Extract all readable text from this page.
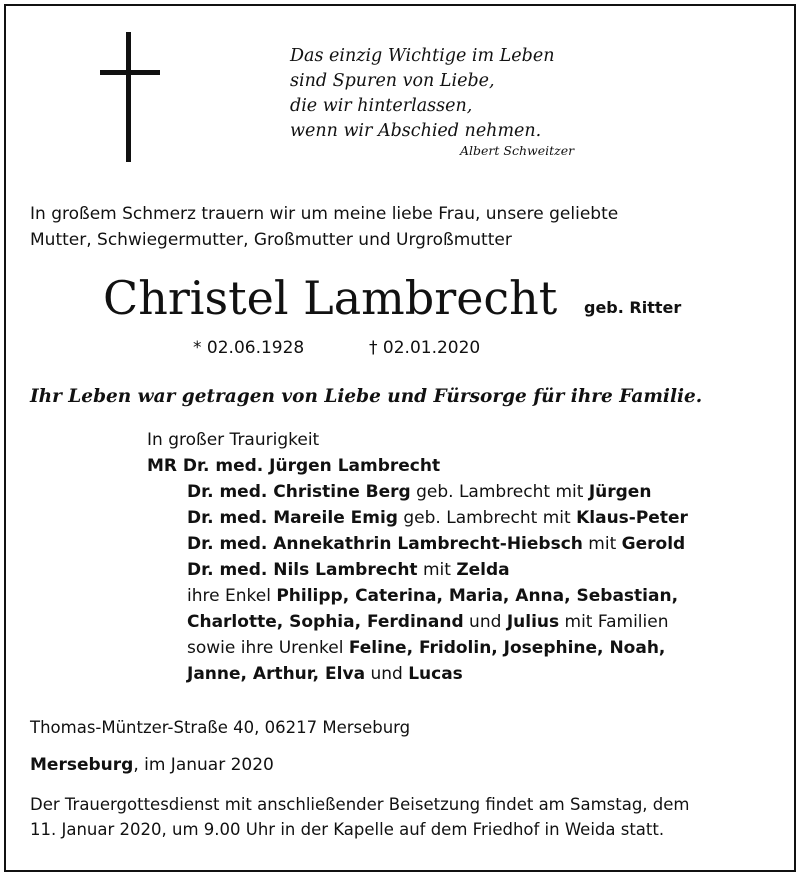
Das einzig Wichtige im Leben
sind Spuren von Liebe,
die wir hinterlassen,
wenn wir Abschied nehmen.
Albert Schweitzer
In großem Schmerz trauern wir um meine liebe Frau, unsere geliebte
Mutter, Schwiegermutter, Großmutter und Urgroßmutter
Christel Lambrecht geb. Ritter
* 02.06.1928	† 02.01.2020
Ihr Leben war getragen von Liebe und Fürsorge für ihre Familie.
In großer Traurigkeit
MR Dr. med. Jürgen Lambrecht
Dr. med. Christine Berg geb. Lambrecht mit Jürgen
Dr. med. Mareile Emig geb. Lambrecht mit Klaus-Peter
Dr. med. Annekathrin Lambrecht-Hiebsch mit Gerold
Dr. med. Nils Lambrecht mit Zelda
ihre Enkel Philipp, Caterina, Maria, Anna, Sebastian,
Charlotte, Sophia, Ferdinand und Julius mit Familien
sowie ihre Urenkel Feline, Fridolin, Josephine, Noah,
Janne, Arthur, Elva und Lucas
Thomas-Müntzer-Straße 40, 06217 Merseburg
Merseburg, im Januar 2020
Der Trauergottesdienst mit anschließender Beisetzung findet am Samstag, dem
11. Januar 2020, um 9.00 Uhr in der Kapelle auf dem Friedhof in Weida statt.
